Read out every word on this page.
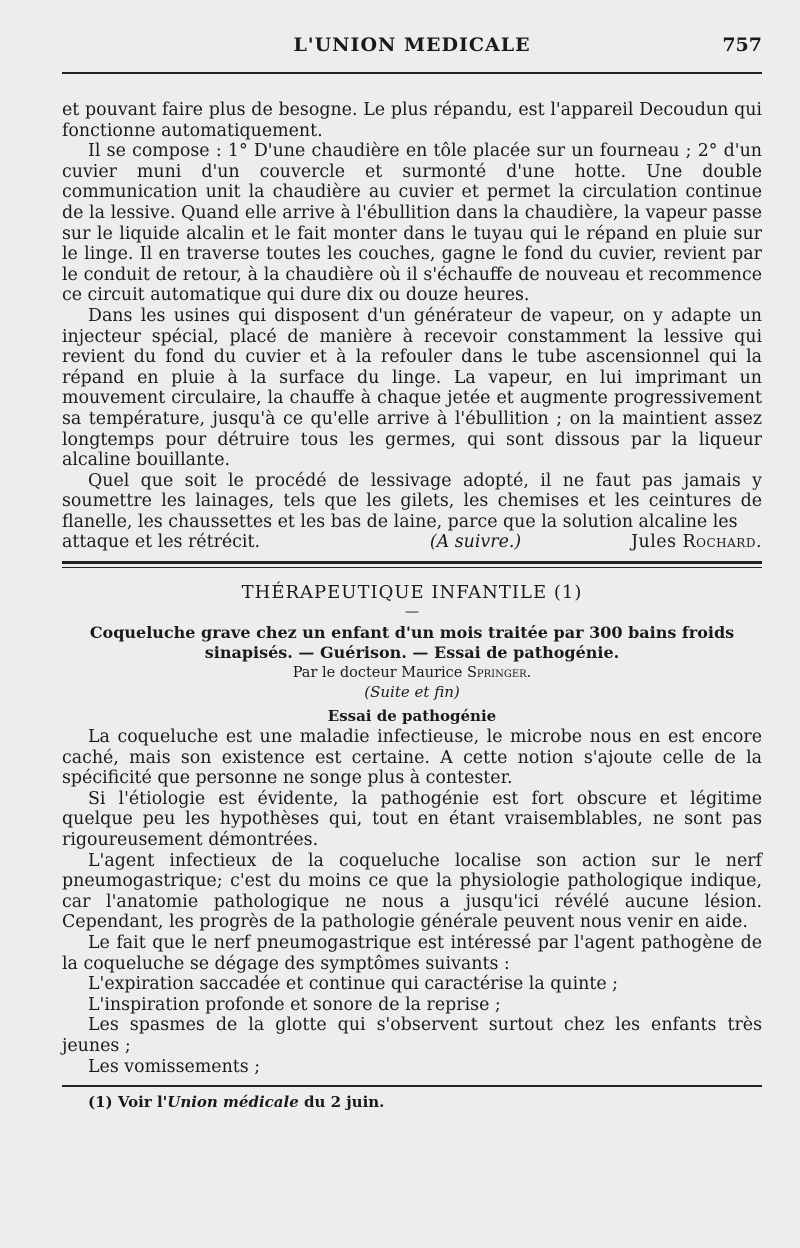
L'UNION MEDICALE	757

et pouvant faire plus de besogne. Le plus répandu, est l'appareil Decoudun qui fonctionne automatiquement.

Il se compose : 1° D'une chaudière en tôle placée sur un fourneau ; 2° d'un cuvier muni d'un couvercle et surmonté d'une hotte. Une double communication unit la chaudière au cuvier et permet la circulation continue de la lessive. Quand elle arrive à l'ébullition dans la chaudière, la vapeur passe sur le liquide alcalin et le fait monter dans le tuyau qui le répand en pluie sur le linge. Il en traverse toutes les couches, gagne le fond du cuvier, revient par le conduit de retour, à la chaudière où il s'échauffe de nouveau et recommence ce circuit automatique qui dure dix ou douze heures.

Dans les usines qui disposent d'un générateur de vapeur, on y adapte un injecteur spécial, placé de manière à recevoir constamment la lessive qui revient du fond du cuvier et à la refouler dans le tube ascensionnel qui la répand en pluie à la surface du linge. La vapeur, en lui imprimant un mouvement circulaire, la chauffe à chaque jetée et augmente progressivement sa température, jusqu'à ce qu'elle arrive à l'ébullition ; on la maintient assez longtemps pour détruire tous les germes, qui sont dissous par la liqueur alcaline bouillante.

Quel que soit le procédé de lessivage adopté, il ne faut pas jamais y soumettre les lainages, tels que les gilets, les chemises et les ceintures de flanelle, les chaussettes et les bas de laine, parce que la solution alcaline les

attaque et les rétrécit.	(A suivre.)	Jules Rochard.
THÉRAPEUTIQUE INFANTILE (1)
—
Coqueluche grave chez un enfant d'un mois traitée par 300 bains froids sinapisés. — Guérison. — Essai de pathogénie.
Par le docteur Maurice Springer.
(Suite et fin)
Essai de pathogénie

La coqueluche est une maladie infectieuse, le microbe nous en est encore caché, mais son existence est certaine. A cette notion s'ajoute celle de la spécificité que personne ne songe plus à contester.

Si l'étiologie est évidente, la pathogénie est fort obscure et légitime quelque peu les hypothèses qui, tout en étant vraisemblables, ne sont pas rigoureusement démontrées.

L'agent infectieux de la coqueluche localise son action sur le nerf pneumogastrique; c'est du moins ce que la physiologie pathologique indique, car l'anatomie pathologique ne nous a jusqu'ici révélé aucune lésion. Cependant, les progrès de la pathologie générale peuvent nous venir en aide.

Le fait que le nerf pneumogastrique est intéressé par l'agent pathogène de la coqueluche se dégage des symptômes suivants :

L'expiration saccadée et continue qui caractérise la quinte ;

L'inspiration profonde et sonore de la reprise ;

Les spasmes de la glotte qui s'observent surtout chez les enfants très jeunes ;

Les vomissements ;

(1) Voir l'Union médicale du 2 juin.
